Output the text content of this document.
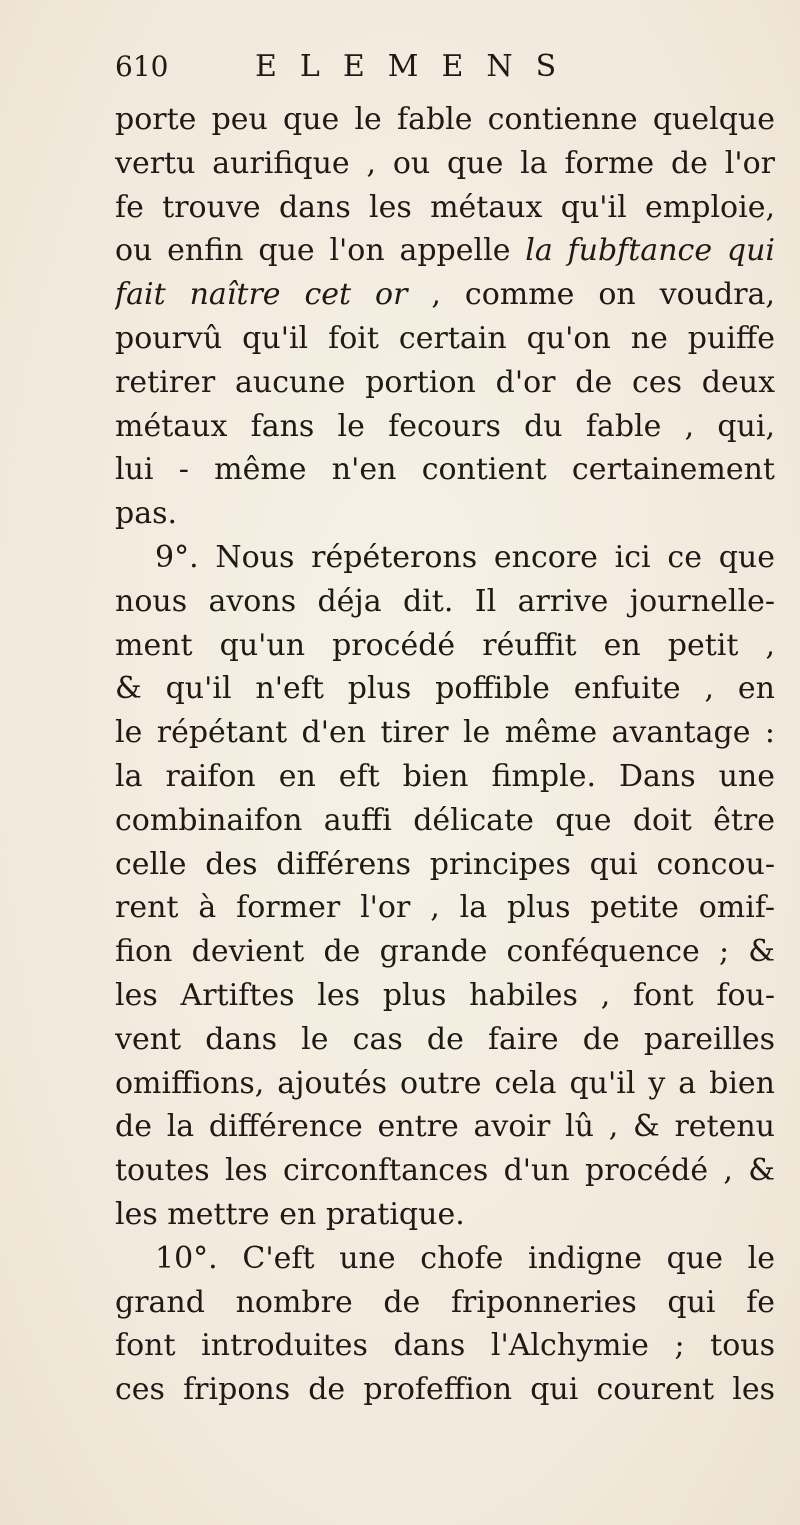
610	ELEMENS
porte peu que le fable contienne quelque
vertu aurifique , ou que la forme de l'or
fe trouve dans les métaux qu'il emploie,
ou enfin que l'on appelle la fubftance qui
fait naître cet or , comme on voudra,
pourvû qu'il foit certain qu'on ne puiffe
retirer aucune portion d'or de ces deux
métaux fans le fecours du fable , qui,
lui - même n'en contient certainement
pas.
9°. Nous répéterons encore ici ce que
nous avons déja dit. Il arrive journelle-
ment qu'un procédé réuffit en petit ,
& qu'il n'eft plus poffible enfuite , en
le répétant d'en tirer le même avantage :
la raifon en eft bien fimple. Dans une
combinaifon auffi délicate que doit être
celle des différens principes qui concou-
rent à former l'or , la plus petite omif-
fion devient de grande conféquence ; &
les Artiftes les plus habiles , font fou-
vent dans le cas de faire de pareilles
omiffions, ajoutés outre cela qu'il y a bien
de la différence entre avoir lû , & retenu
toutes les circonftances d'un procédé , &
les mettre en pratique.
10°. C'eft une chofe indigne que le
grand nombre de friponneries qui fe
font introduites dans l'Alchymie ; tous
ces fripons de profeffion qui courent les
